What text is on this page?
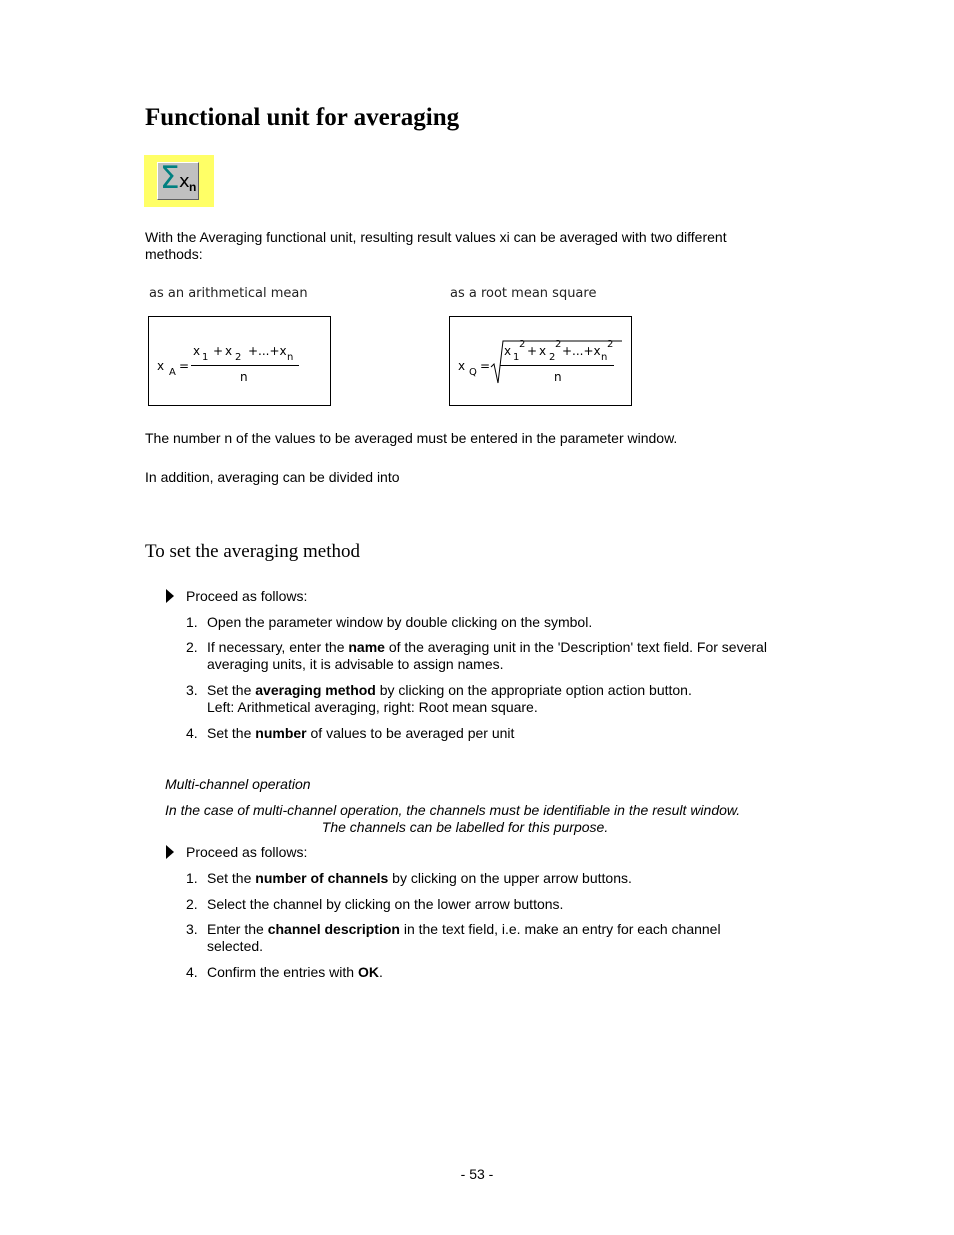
Functional unit for averaging
Σ x n
With the Averaging functional unit, resulting result values xi can be averaged with two different methods:
as an arithmetical mean	as a root mean square
x A =
x 1 + x 2 +...+x n
n
x Q =
x 1
2 + x 2
2 +...+x n
2
n
The number n of the values to be averaged must be entered in the parameter window.
In addition, averaging can be divided into
To set the averaging method
Proceed as follows:
1. Open the parameter window by double clicking on the symbol.
2. If necessary, enter the name of the averaging unit in the 'Description' text field. For several averaging units, it is advisable to assign names.
3. Set the averaging method by clicking on the appropriate option action button.
Left: Arithmetical averaging, right: Root mean square.
4. Set the number of values to be averaged per unit
Multi-channel operation
In the case of multi-channel operation, the channels must be identifiable in the result window.
The channels can be labelled for this purpose.
Proceed as follows:
1. Set the number of channels by clicking on the upper arrow buttons.
2. Select the channel by clicking on the lower arrow buttons.
3. Enter the channel description in the text field, i.e. make an entry for each channel selected.
4. Confirm the entries with OK.
- 53 -
